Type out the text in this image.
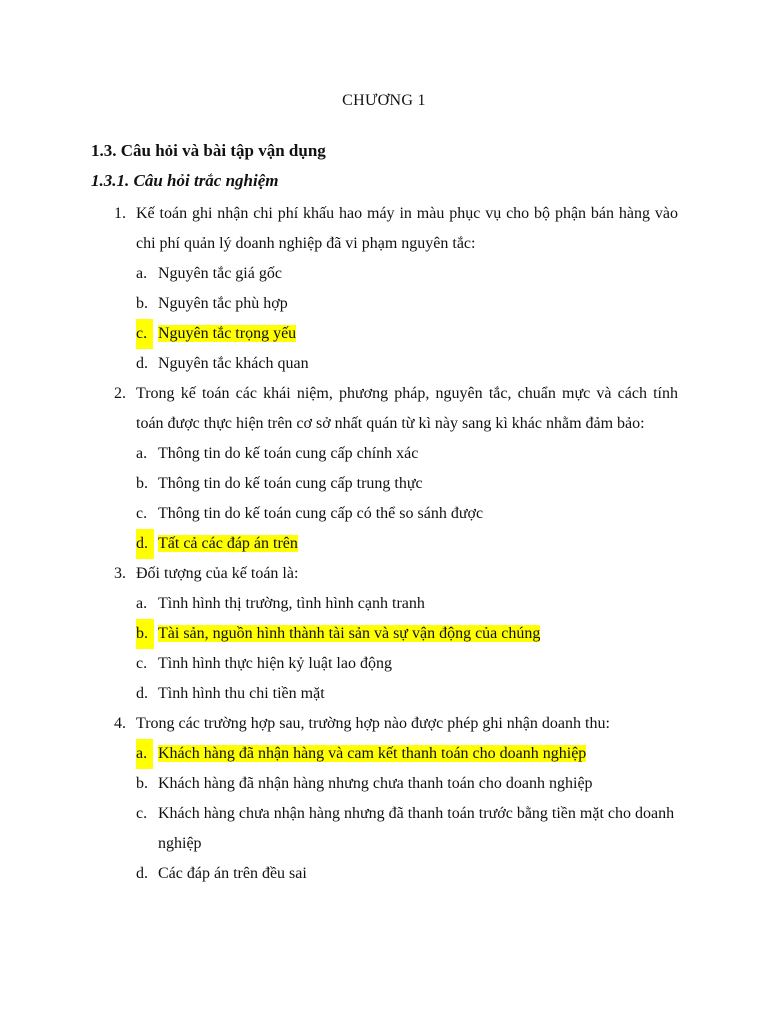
CHƯƠNG 1
1.3. Câu hỏi và bài tập vận dụng
1.3.1. Câu hỏi trắc nghiệm
1. Kế toán ghi nhận chi phí khấu hao máy in màu phục vụ cho bộ phận bán hàng vào chi phí quản lý doanh nghiệp đã vi phạm nguyên tắc:
a. Nguyên tắc giá gốc
b. Nguyên tắc phù hợp
c. Nguyên tắc trọng yếu
d. Nguyên tắc khách quan
2. Trong kế toán các khái niệm, phương pháp, nguyên tắc, chuẩn mực và cách tính toán được thực hiện trên cơ sở nhất quán từ kì này sang kì khác nhằm đảm bảo:
a. Thông tin do kế toán cung cấp chính xác
b. Thông tin do kế toán cung cấp trung thực
c. Thông tin do kế toán cung cấp có thể so sánh được
d. Tất cả các đáp án trên
3. Đối tượng của kế toán là:
a. Tình hình thị trường, tình hình cạnh tranh
b. Tài sản, nguồn hình thành tài sản và sự vận động của chúng
c. Tình hình thực hiện kỷ luật lao động
d. Tình hình thu chi tiền mặt
4. Trong các trường hợp sau, trường hợp nào được phép ghi nhận doanh thu:
a. Khách hàng đã nhận hàng và cam kết thanh toán cho doanh nghiệp
b. Khách hàng đã nhận hàng nhưng chưa thanh toán cho doanh nghiệp
c. Khách hàng chưa nhận hàng nhưng đã thanh toán trước bằng tiền mặt cho doanh nghiệp
d. Các đáp án trên đều sai
